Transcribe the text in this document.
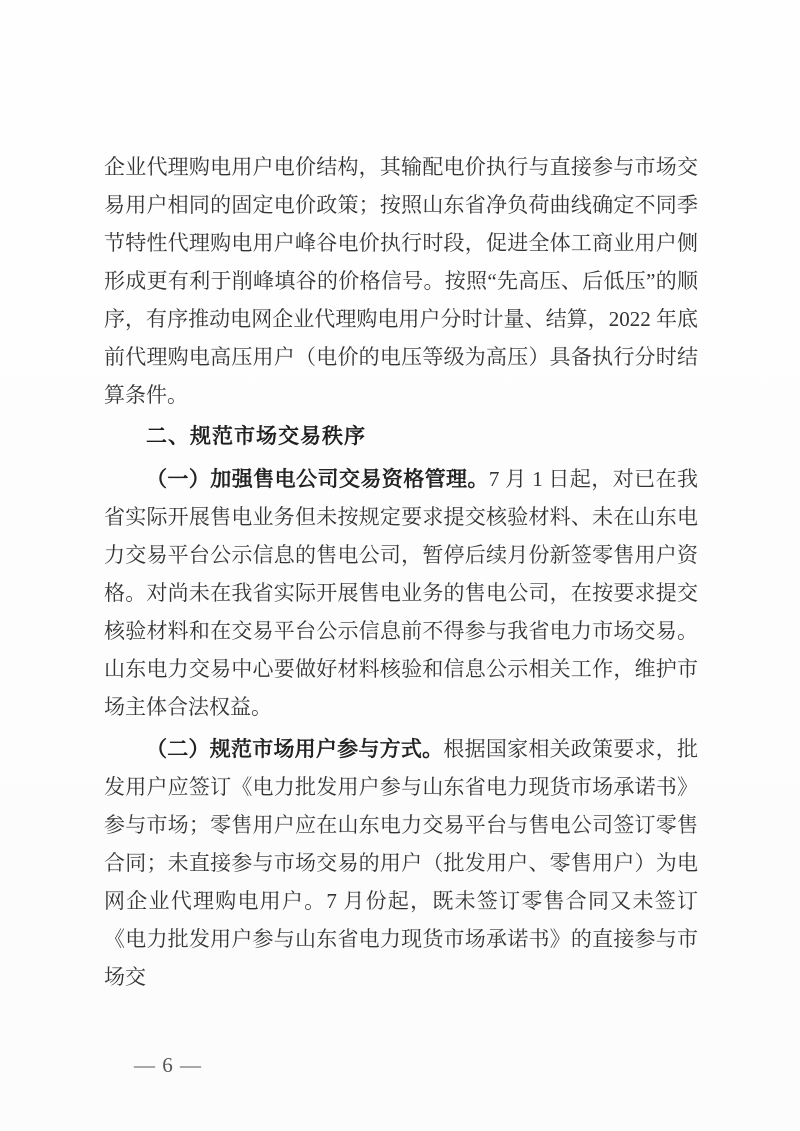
企业代理购电用户电价结构，其输配电价执行与直接参与市场交易用户相同的固定电价政策；按照山东省净负荷曲线确定不同季节特性代理购电用户峰谷电价执行时段，促进全体工商业用户侧形成更有利于削峰填谷的价格信号。按照“先高压、后低压”的顺序，有序推动电网企业代理购电用户分时计量、结算，2022 年底前代理购电高压用户（电价的电压等级为高压）具备执行分时结算条件。

二、规范市场交易秩序

（一）加强售电公司交易资格管理。7 月 1 日起，对已在我省实际开展售电业务但未按规定要求提交核验材料、未在山东电力交易平台公示信息的售电公司，暂停后续月份新签零售用户资格。对尚未在我省实际开展售电业务的售电公司，在按要求提交核验材料和在交易平台公示信息前不得参与我省电力市场交易。山东电力交易中心要做好材料核验和信息公示相关工作，维护市场主体合法权益。

（二）规范市场用户参与方式。根据国家相关政策要求，批发用户应签订《电力批发用户参与山东省电力现货市场承诺书》参与市场；零售用户应在山东电力交易平台与售电公司签订零售合同；未直接参与市场交易的用户（批发用户、零售用户）为电网企业代理购电用户。7 月份起，既未签订零售合同又未签订《电力批发用户参与山东省电力现货市场承诺书》的直接参与市场交

— 6 —
